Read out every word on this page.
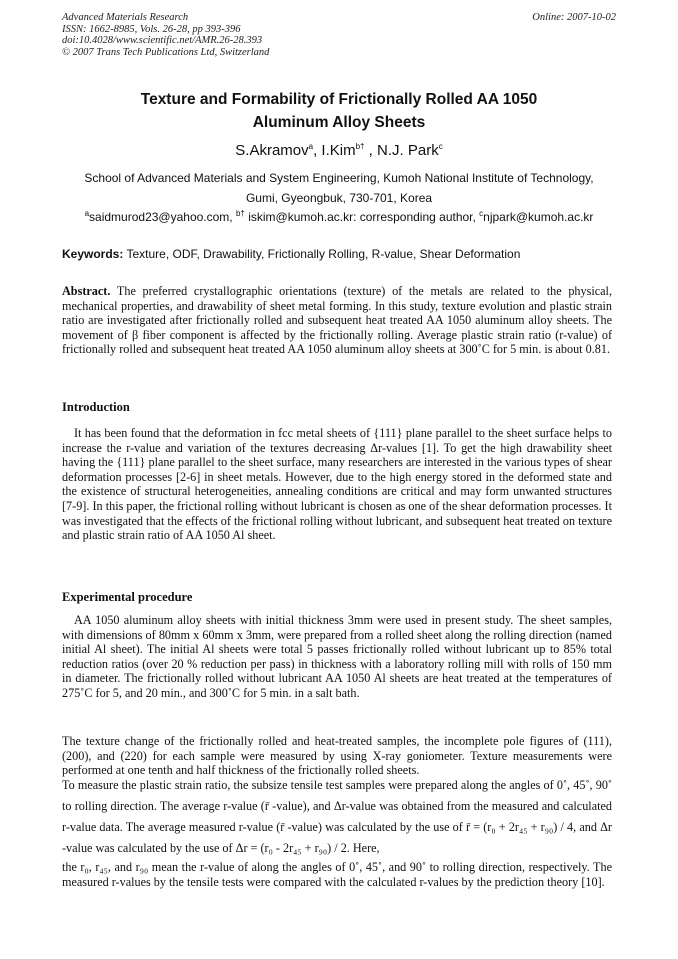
Advanced Materials Research
ISSN: 1662-8985, Vols. 26-28, pp 393-396
doi:10.4028/www.scientific.net/AMR.26-28.393
© 2007 Trans Tech Publications Ltd, Switzerland
Online: 2007-10-02
Texture and Formability of Frictionally Rolled AA 1050
Aluminum Alloy Sheets
S.Akramov$^a$, I.Kim$^{b\dagger}$ , N.J. Park$^c$
School of Advanced Materials and System Engineering, Kumoh National Institute of Technology,
Gumi, Gyeongbuk, 730-701, Korea
$^a$saidmurod23@yahoo.com, $^{b\dagger}$ iskim@kumoh.ac.kr: corresponding author, $^c$njpark@kumoh.ac.kr
Keywords: Texture, ODF, Drawability, Frictionally Rolling, R-value, Shear Deformation
Abstract. The preferred crystallographic orientations (texture) of the metals are related to the physical, mechanical properties, and drawability of sheet metal forming. In this study, texture evolution and plastic strain ratio are investigated after frictionally rolled and subsequent heat treated AA 1050 aluminum alloy sheets. The movement of β fiber component is affected by the frictionally rolling. Average plastic strain ratio (r-value) of frictionally rolled and subsequent heat treated AA 1050 aluminum alloy sheets at 300˚C for 5 min. is about 0.81.
Introduction
It has been found that the deformation in fcc metal sheets of {111} plane parallel to the sheet surface helps to increase the r-value and variation of the textures decreasing Δr-values [1]. To get the high drawability sheet having the {111} plane parallel to the sheet surface, many researchers are interested in the various types of shear deformation processes [2-6] in sheet metals. However, due to the high energy stored in the deformed state and the existence of structural heterogeneities, annealing conditions are critical and may form unwanted structures [7-9]. In this paper, the frictional rolling without lubricant is chosen as one of the shear deformation processes. It was investigated that the effects of the frictional rolling without lubricant, and subsequent heat treated on texture and plastic strain ratio of AA 1050 Al sheet.
Experimental procedure
AA 1050 aluminum alloy sheets with initial thickness 3mm were used in present study. The sheet samples, with dimensions of 80mm x 60mm x 3mm, were prepared from a rolled sheet along the rolling direction (named initial Al sheet). The initial Al sheets were total 5 passes frictionally rolled without lubricant up to 85% total reduction ratios (over 20 % reduction per pass) in thickness with a laboratory rolling mill with rolls of 150 mm in diameter. The frictionally rolled without lubricant AA 1050 Al sheets are heat treated at the temperatures of 275˚C for 5, and 20 min., and 300˚C for 5 min. in a salt bath.
The texture change of the frictionally rolled and heat-treated samples, the incomplete pole figures of (111), (200), and (220) for each sample were measured by using X-ray goniometer. Texture measurements were performed at one tenth and half thickness of the frictionally rolled sheets.
To measure the plastic strain ratio, the subsize tensile test samples were prepared along the angles of 0˚, 45˚, 90˚ to rolling direction. The average r-value (r̄ -value), and Δr-value was obtained from the measured and calculated r-value data. The average measured r-value (r̄ -value) was calculated by the use of r̄ = (r₀ + 2r₄₅ + r₉₀) / 4, and Δr -value was calculated by the use of Δr = (r₀ - 2r₄₅ + r₉₀) / 2. Here,
the r₀, r₄₅, and r₉₀ mean the r-value of along the angles of 0˚, 45˚, and 90˚ to rolling direction, respectively. The measured r-values by the tensile tests were compared with the calculated r-values by the prediction theory [10].
